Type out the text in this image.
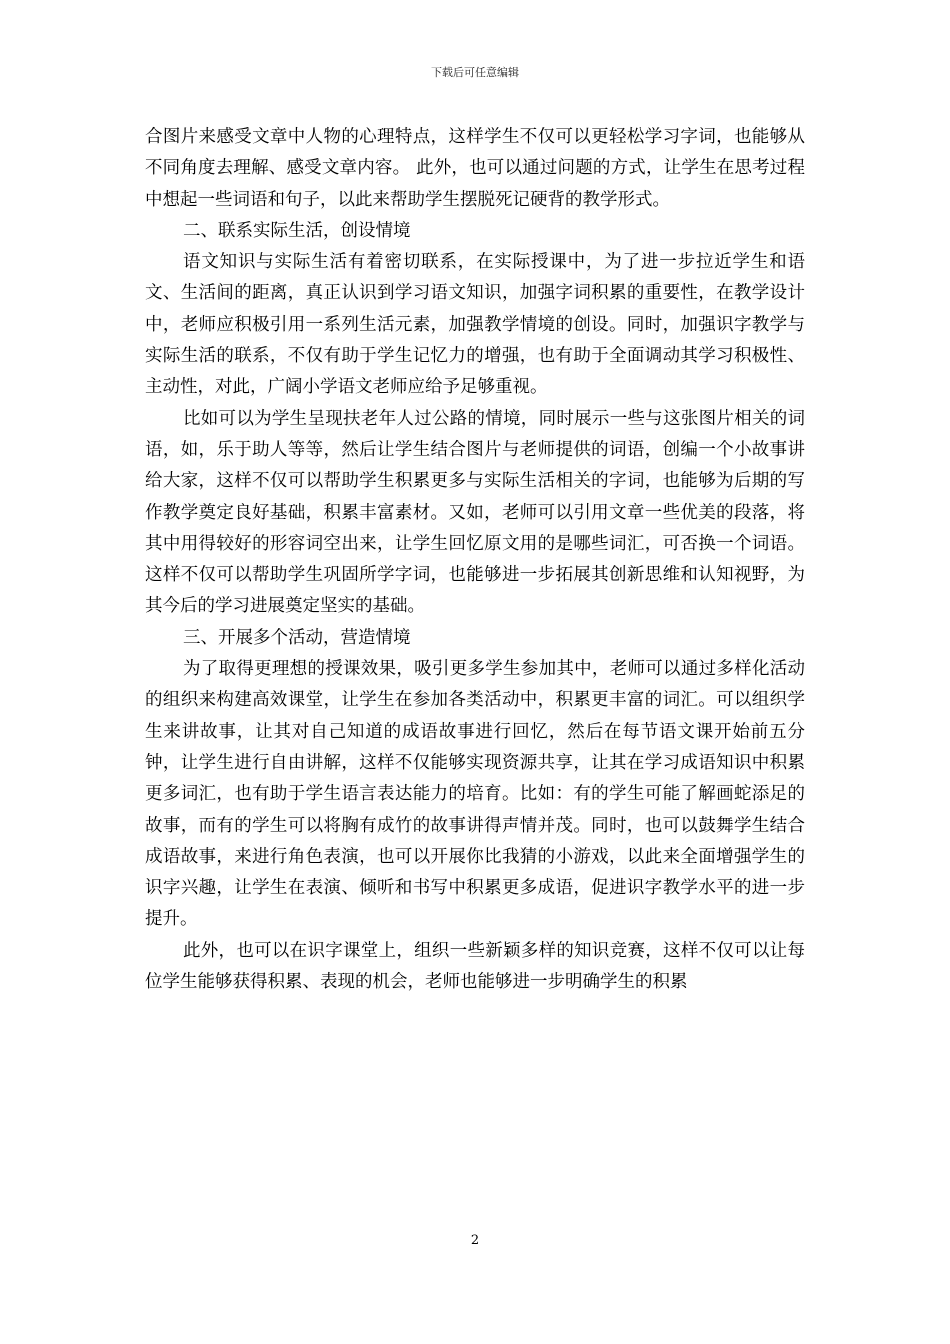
下载后可任意编辑

合图片来感受文章中人物的心理特点，这样学生不仅可以更轻松学习字词，也能够从不同角度去理解、感受文章内容。 此外，也可以通过问题的方式，让学生在思考过程中想起一些词语和句子，以此来帮助学生摆脱死记硬背的教学形式。

二、联系实际生活，创设情境

语文知识与实际生活有着密切联系，在实际授课中，为了进一步拉近学生和语文、生活间的距离，真正认识到学习语文知识，加强字词积累的重要性，在教学设计中，老师应积极引用一系列生活元素，加强教学情境的创设。同时，加强识字教学与实际生活的联系，不仅有助于学生记忆力的增强，也有助于全面调动其学习积极性、主动性，对此，广阔小学语文老师应给予足够重视。

比如可以为学生呈现扶老年人过公路的情境，同时展示一些与这张图片相关的词语，如，乐于助人等等，然后让学生结合图片与老师提供的词语，创编一个小故事讲给大家，这样不仅可以帮助学生积累更多与实际生活相关的字词，也能够为后期的写作教学奠定良好基础，积累丰富素材。又如，老师可以引用文章一些优美的段落，将其中用得较好的形容词空出来，让学生回忆原文用的是哪些词汇，可否换一个词语。这样不仅可以帮助学生巩固所学字词，也能够进一步拓展其创新思维和认知视野，为其今后的学习进展奠定坚实的基础。

三、开展多个活动，营造情境

为了取得更理想的授课效果，吸引更多学生参加其中，老师可以通过多样化活动的组织来构建高效课堂，让学生在参加各类活动中，积累更丰富的词汇。可以组织学生来讲故事，让其对自己知道的成语故事进行回忆，然后在每节语文课开始前五分钟，让学生进行自由讲解，这样不仅能够实现资源共享，让其在学习成语知识中积累更多词汇，也有助于学生语言表达能力的培育。比如：有的学生可能了解画蛇添足的故事，而有的学生可以将胸有成竹的故事讲得声情并茂。同时，也可以鼓舞学生结合成语故事，来进行角色表演，也可以开展你比我猜的小游戏，以此来全面增强学生的识字兴趣，让学生在表演、倾听和书写中积累更多成语，促进识字教学水平的进一步提升。

此外，也可以在识字课堂上，组织一些新颖多样的知识竞赛，这样不仅可以让每位学生能够获得积累、表现的机会，老师也能够进一步明确学生的积累

2
